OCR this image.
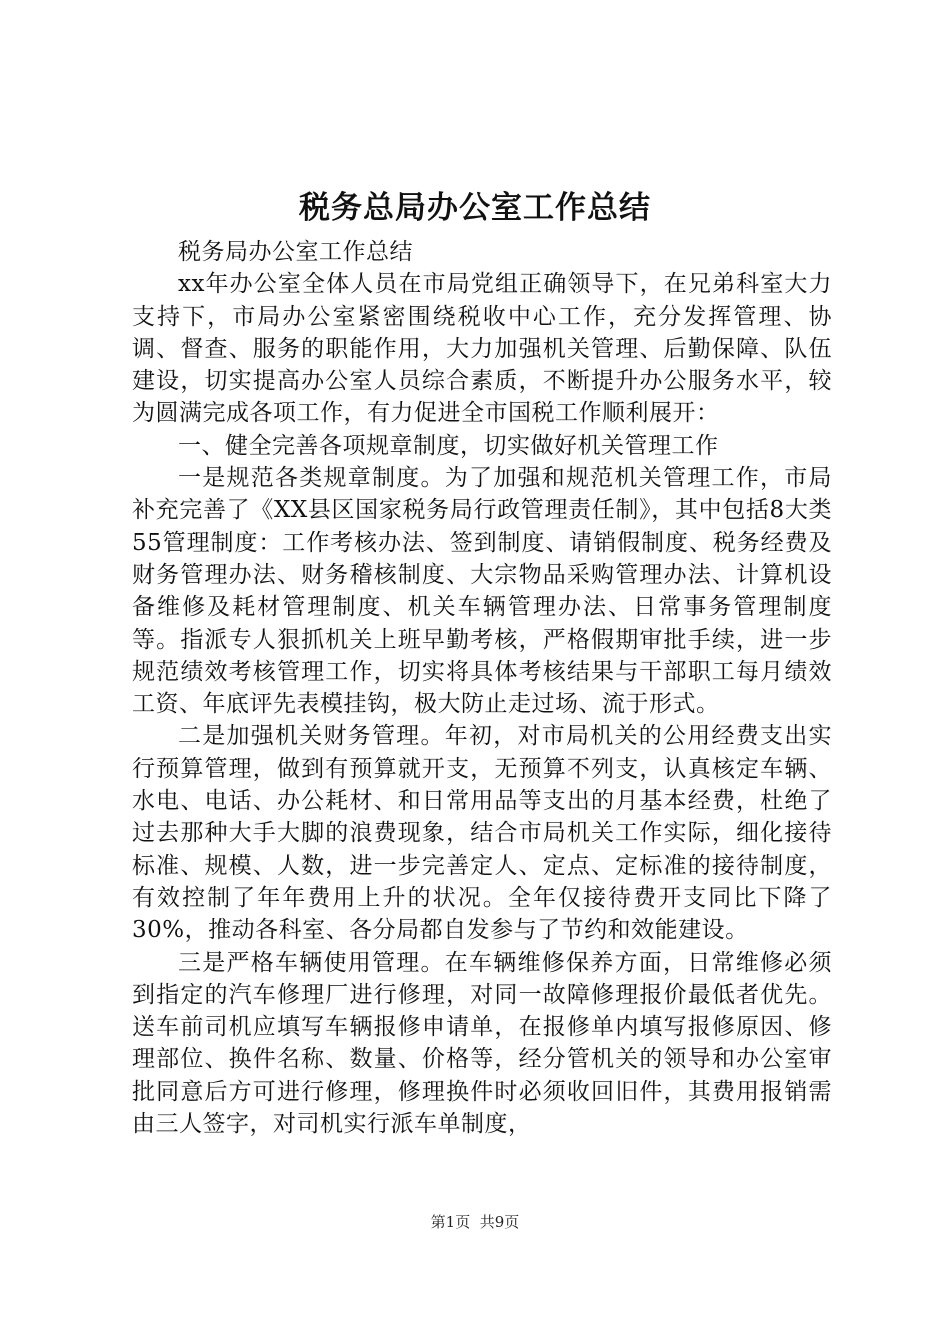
税务总局办公室工作总结

税务局办公室工作总结

xx年办公室全体人员在市局党组正确领导下，在兄弟科室大力支持下，市局办公室紧密围绕税收中心工作，充分发挥管理、协调、督查、服务的职能作用，大力加强机关管理、后勤保障、队伍建设，切实提高办公室人员综合素质，不断提升办公服务水平，较为圆满完成各项工作，有力促进全市国税工作顺利展开：

一、健全完善各项规章制度，切实做好机关管理工作

一是规范各类规章制度。为了加强和规范机关管理工作，市局补充完善了《XX县区国家税务局行政管理责任制》，其中包括8大类55管理制度：工作考核办法、签到制度、请销假制度、税务经费及财务管理办法、财务稽核制度、大宗物品采购管理办法、计算机设备维修及耗材管理制度、机关车辆管理办法、日常事务管理制度等。指派专人狠抓机关上班早勤考核，严格假期审批手续，进一步规范绩效考核管理工作，切实将具体考核结果与干部职工每月绩效工资、年底评先表模挂钩，极大防止走过场、流于形式。

二是加强机关财务管理。年初，对市局机关的公用经费支出实行预算管理，做到有预算就开支，无预算不列支，认真核定车辆、水电、电话、办公耗材、和日常用品等支出的月基本经费，杜绝了过去那种大手大脚的浪费现象，结合市局机关工作实际，细化接待标准、规模、人数，进一步完善定人、定点、定标准的接待制度，有效控制了年年费用上升的状况。全年仅接待费开支同比下降了30%，推动各科室、各分局都自发参与了节约和效能建设。

三是严格车辆使用管理。在车辆维修保养方面，日常维修必须到指定的汽车修理厂进行修理，对同一故障修理报价最低者优先。送车前司机应填写车辆报修申请单，在报修单内填写报修原因、修理部位、换件名称、数量、价格等，经分管机关的领导和办公室审批同意后方可进行修理，修理换件时必须收回旧件，其费用报销需由三人签字，对司机实行派车单制度，

第1页 共9页
